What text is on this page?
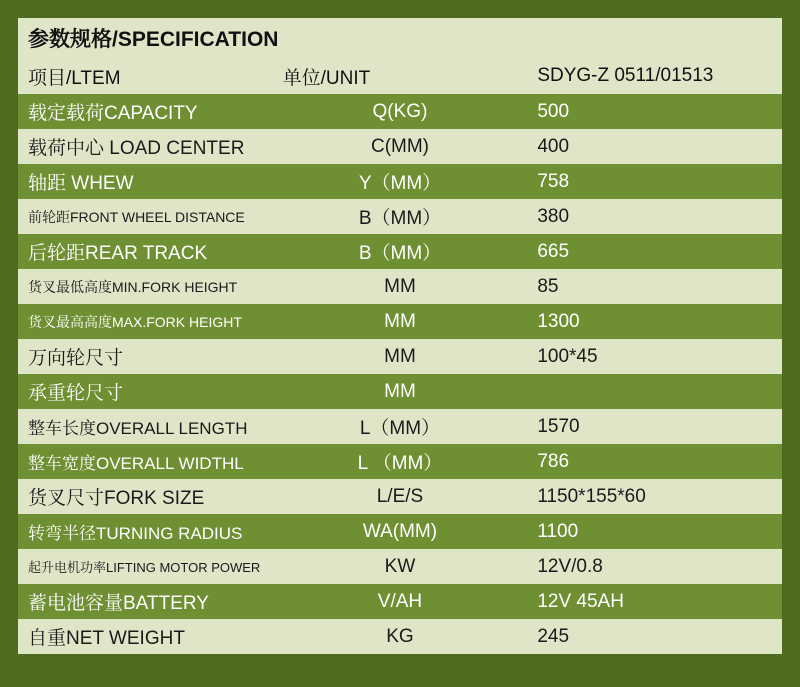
参数规格/SPECIFICATION		
项目/LTEM	单位/UNIT	SDYG-Z 0511/01513
载定载荷CAPACITY	Q(KG)	500
载荷中心 LOAD CENTER	C(MM)	400
轴距 WHEW	Y（MM）	758
前轮距FRONT WHEEL DISTANCE	B（MM）	380
后轮距REAR TRACK	B（MM）	665
货叉最低高度MIN.FORK HEIGHT	MM	85
货叉最高高度MAX.FORK HEIGHT	MM	1300
万向轮尺寸	MM	100*45
承重轮尺寸	MM	
整车长度OVERALL LENGTH	L（MM）	1570
整车宽度OVERALL WIDTHL	L （MM）	786
货叉尺寸FORK SIZE	L/E/S	1150*155*60
转弯半径TURNING RADIUS	WA(MM)	1100
起升电机功率LIFTING MOTOR POWER	KW	12V/0.8
蓄电池容量BATTERY	V/AH	12V 45AH
自重NET WEIGHT	KG	245
